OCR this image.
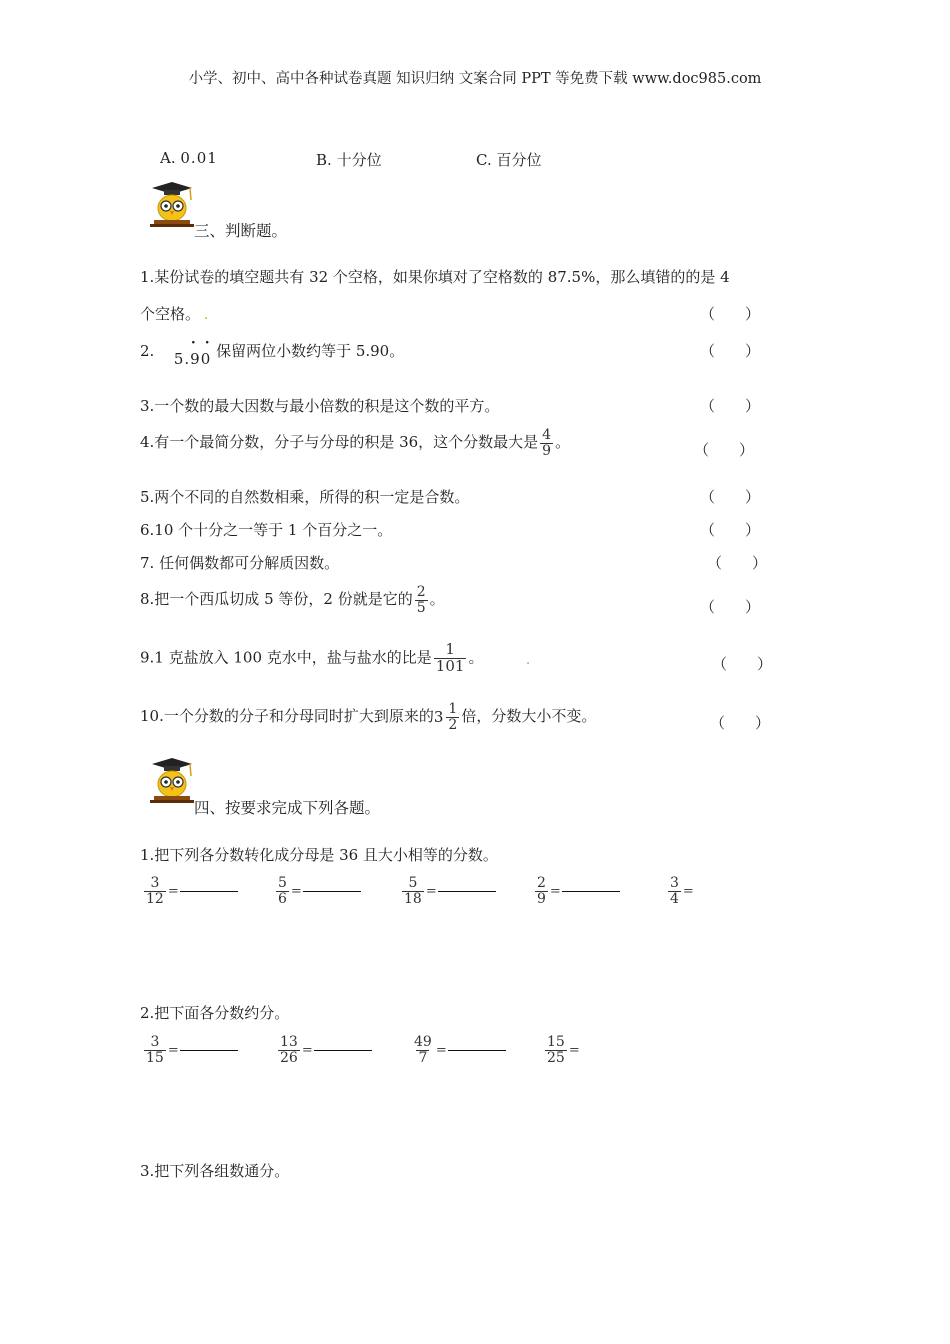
小学、初中、高中各种试卷真题 知识归纳 文案合同 PPT 等免费下载 www.doc985.com
A. 0.01	B. 十分位	C. 百分位
三、判断题。
1.某份试卷的填空题共有 32 个空格，如果你填对了空格数的 87.5%，那么填错的的是 4
个空格。 .	（　　）
2. 5.90
··
保留两位小数约等于 5.90。	（　　）
3.一个数的最大因数与最小倍数的积是这个数的平方。	（　　）
4.有一个最简分数，分子与分母的积是 36，这个分数最大是 $\frac{4}{9}$ 。	（　　）
5.两个不同的自然数相乘，所得的积一定是合数。	（　　）
6.10 个十分之一等于 1 个百分之一。	（　　）
7. 任何偶数都可分解质因数。	（　　）
8.把一个西瓜切成 5 等份，2 份就是它的 $\frac{2}{5}$ 。	（　　）
9.1 克盐放入 100 克水中，盐与盐水的比是 $\frac{1}{101}$ 。	.	（　　）
10.一个分数的分子和分母同时扩大到原来的 $3 \frac{1}{2}$ 倍，分数大小不变。	（　　）
四、按要求完成下列各题。
1.把下列各分数转化成分母是 36 且大小相等的分数。
$\frac{3}{12}$ =	$\frac{5}{6}$ =	$\frac{5}{18}$ =	$\frac{2}{9}$ =	$\frac{3}{4}$ =
2.把下面各分数约分。
$\frac{3}{15}$ =	$\frac{13}{26}$ =	$\frac{49}{7}$ =	$\frac{15}{25}$ =
3.把下列各组数通分。
